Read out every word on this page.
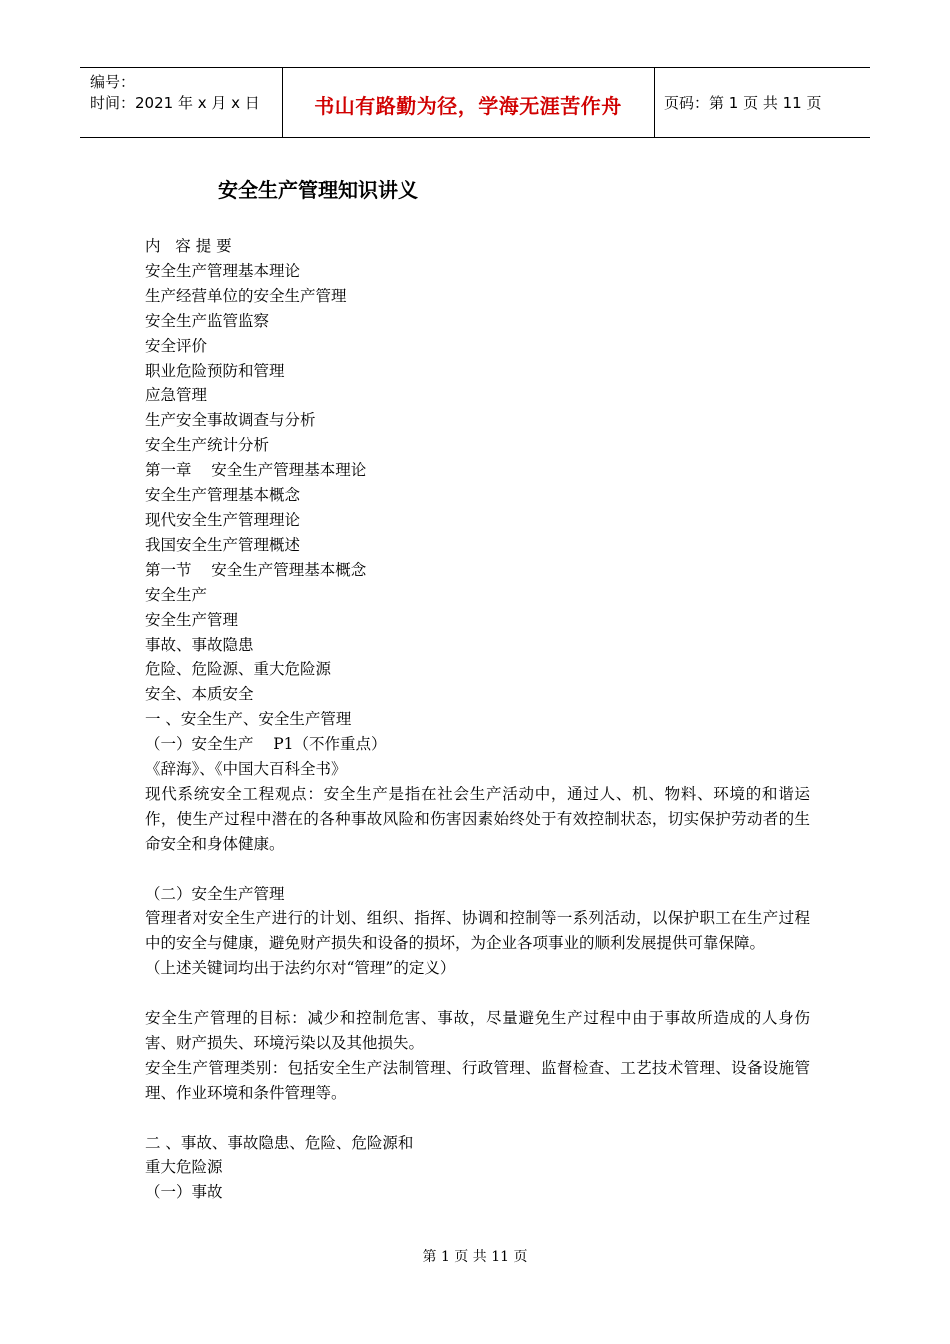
编号：
时间：2021 年 x 月 x 日	书山有路勤为径，学海无涯苦作舟	页码：第 1 页 共 11 页
安全生产管理知识讲义
内   容 提 要
安全生产管理基本理论
生产经营单位的安全生产管理
安全生产监管监察
安全评价
职业危险预防和管理
应急管理
生产安全事故调查与分析
安全生产统计分析
第一章    安全生产管理基本理论
安全生产管理基本概念
现代安全生产管理理论
我国安全生产管理概述
第一节    安全生产管理基本概念
安全生产
安全生产管理
事故、事故隐患
危险、危险源、重大危险源
安全、本质安全
一 、安全生产、安全生产管理
（一）安全生产    P1（不作重点）
《辞海》、《中国大百科全书》
现代系统安全工程观点：安全生产是指在社会生产活动中，通过人、机、物料、环境的和谐运作，使生产过程中潜在的各种事故风险和伤害因素始终处于有效控制状态，切实保护劳动者的生命安全和身体健康。
（二）安全生产管理
管理者对安全生产进行的计划、组织、指挥、协调和控制等一系列活动，以保护职工在生产过程中的安全与健康，避免财产损失和设备的损坏，为企业各项事业的顺利发展提供可靠保障。
（上述关键词均出于法约尔对“管理”的定义）
安全生产管理的目标：减少和控制危害、事故，尽量避免生产过程中由于事故所造成的人身伤害、财产损失、环境污染以及其他损失。
安全生产管理类别：包括安全生产法制管理、行政管理、监督检查、工艺技术管理、设备设施管理、作业环境和条件管理等。
二 、事故、事故隐患、危险、危险源和
重大危险源
（一）事故
第 1 页 共 11 页
